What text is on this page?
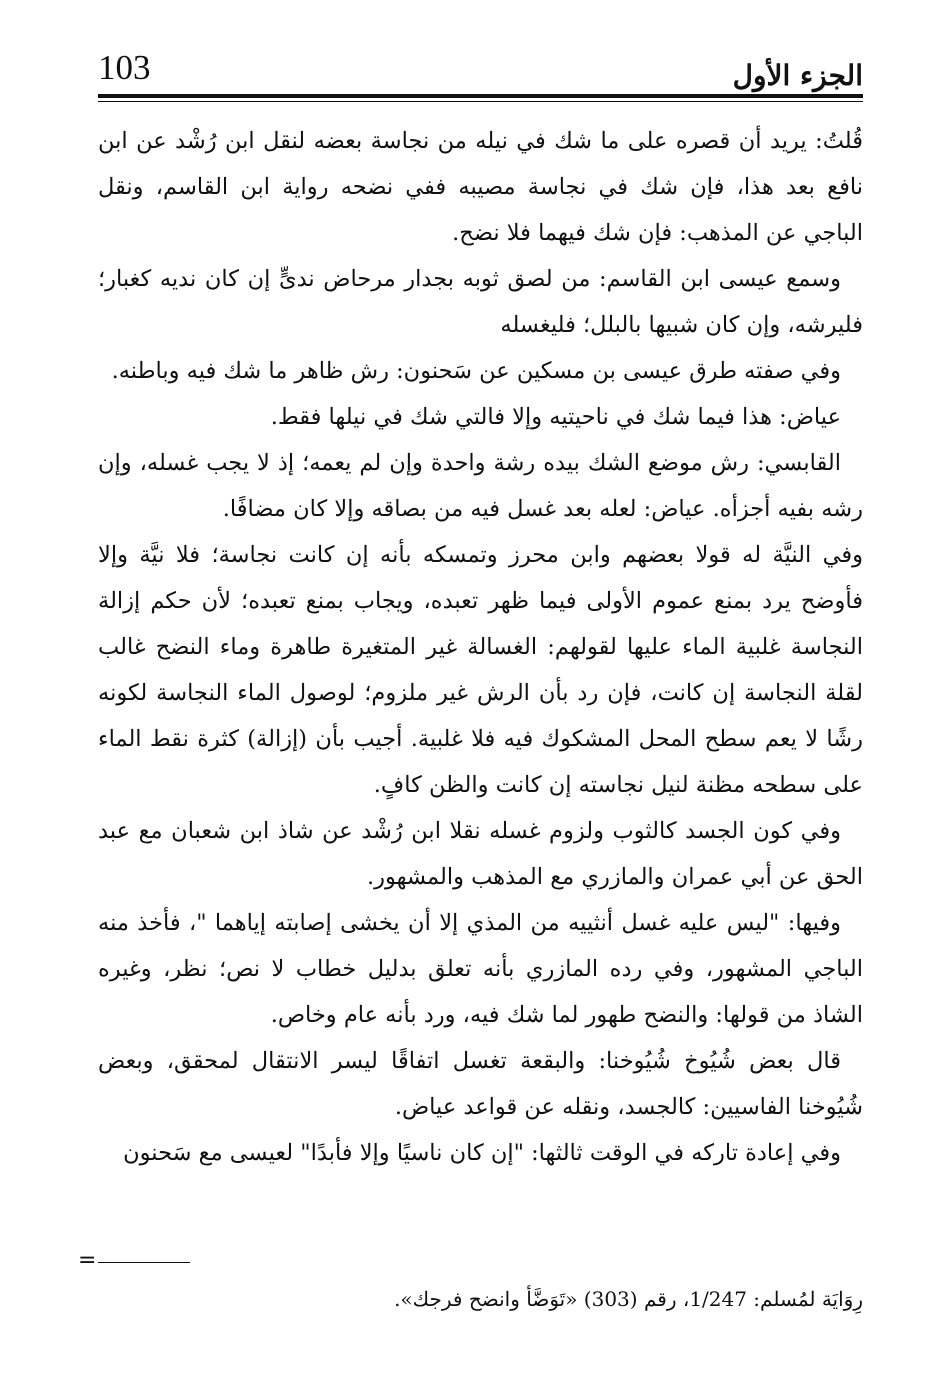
103	الجزء الأول

قُلتُ: يريد أن قصره على ما شك في نيله من نجاسة بعضه لنقل ابن رُشْد عن ابن نافع بعد هذا، فإن شك في نجاسة مصيبه ففي نضحه رواية ابن القاسم، ونقل الباجي عن المذهب: فإن شك فيهما فلا نضح.

وسمع عيسى ابن القاسم: من لصق ثوبه بجدار مرحاض ندىٍّ إن كان نديه كغبار؛ فليرشه، وإن كان شبيها بالبلل؛ فليغسله

وفي صفته طرق عيسى بن مسكين عن سَحنون: رش ظاهر ما شك فيه وباطنه.

عياض: هذا فيما شك في ناحيتيه وإلا فالتي شك في نيلها فقط.

القابسي: رش موضع الشك بيده رشة واحدة وإن لم يعمه؛ إذ لا يجب غسله، وإن رشه بفيه أجزأه. عياض: لعله بعد غسل فيه من بصاقه وإلا كان مضافًا.

وفي النيَّة له قولا بعضهم وابن محرز وتمسكه بأنه إن كانت نجاسة؛ فلا نيَّة وإلا فأوضح يرد بمنع عموم الأولى فيما ظهر تعبده، ويجاب بمنع تعبده؛ لأن حكم إزالة النجاسة غلبية الماء عليها لقولهم: الغسالة غير المتغيرة طاهرة وماء النضح غالب لقلة النجاسة إن كانت، فإن رد بأن الرش غير ملزوم؛ لوصول الماء النجاسة لكونه رشًا لا يعم سطح المحل المشكوك فيه فلا غلبية. أجيب بأن (إزالة) كثرة نقط الماء على سطحه مظنة لنيل نجاسته إن كانت والظن كافٍ.

وفي كون الجسد كالثوب ولزوم غسله نقلا ابن رُشْد عن شاذ ابن شعبان مع عبد الحق عن أبي عمران والمازري مع المذهب والمشهور.

وفيها: "ليس عليه غسل أنثييه من المذي إلا أن يخشى إصابته إياهما "، فأخذ منه الباجي المشهور، وفي رده المازري بأنه تعلق بدليل خطاب لا نص؛ نظر، وغيره الشاذ من قولها: والنضح طهور لما شك فيه، ورد بأنه عام وخاص.

قال بعض شُيُوخ شُيُوخنا: والبقعة تغسل اتفاقًا ليسر الانتقال لمحقق، وبعض شُيُوخنا الفاسيين: كالجسد، ونقله عن قواعد عياض.

وفي إعادة تاركه في الوقت ثالثها: "إن كان ناسيًا وإلا فأبدًا" لعيسى مع سَحنون

=
رِوَايَة لمُسلم: 1/247، رقم (303) «تَوَضَّأ وانضح فرجك».
